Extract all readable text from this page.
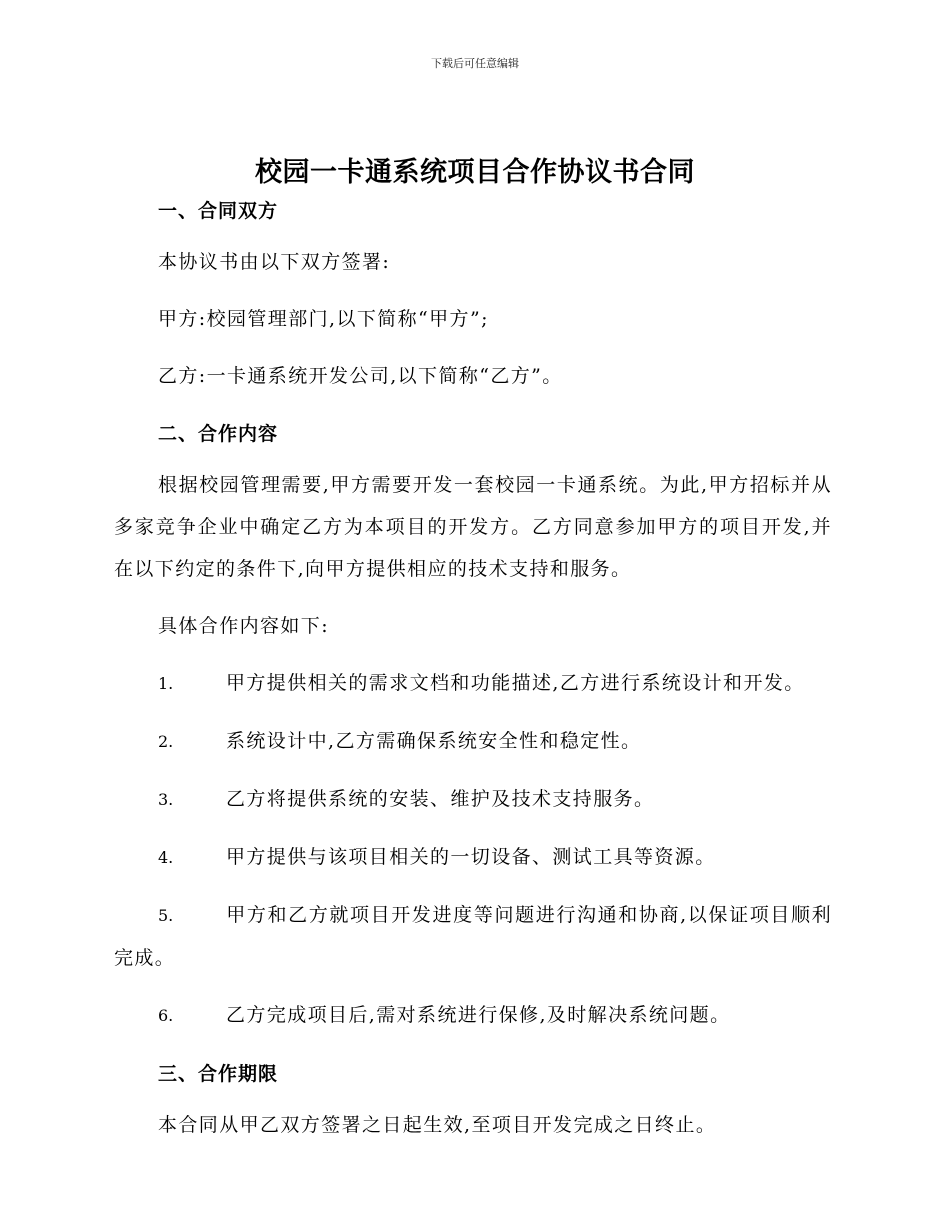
下载后可任意编辑
校园一卡通系统项目合作协议书合同
一、合同双方
本协议书由以下双方签署:
甲方:校园管理部门,以下简称“甲方”;
乙方:一卡通系统开发公司,以下简称“乙方”。
二、合作内容
根据校园管理需要,甲方需要开发一套校园一卡通系统。为此,甲方招标并从多家竞争企业中确定乙方为本项目的开发方。乙方同意参加甲方的项目开发,并在以下约定的条件下,向甲方提供相应的技术支持和服务。
具体合作内容如下:
1.	甲方提供相关的需求文档和功能描述,乙方进行系统设计和开发。
2.	系统设计中,乙方需确保系统安全性和稳定性。
3.	乙方将提供系统的安装、维护及技术支持服务。
4.	甲方提供与该项目相关的一切设备、测试工具等资源。
5.	甲方和乙方就项目开发进度等问题进行沟通和协商,以保证项目顺利完成。
6.	乙方完成项目后,需对系统进行保修,及时解决系统问题。
三、合作期限
本合同从甲乙双方签署之日起生效,至项目开发完成之日终止。
